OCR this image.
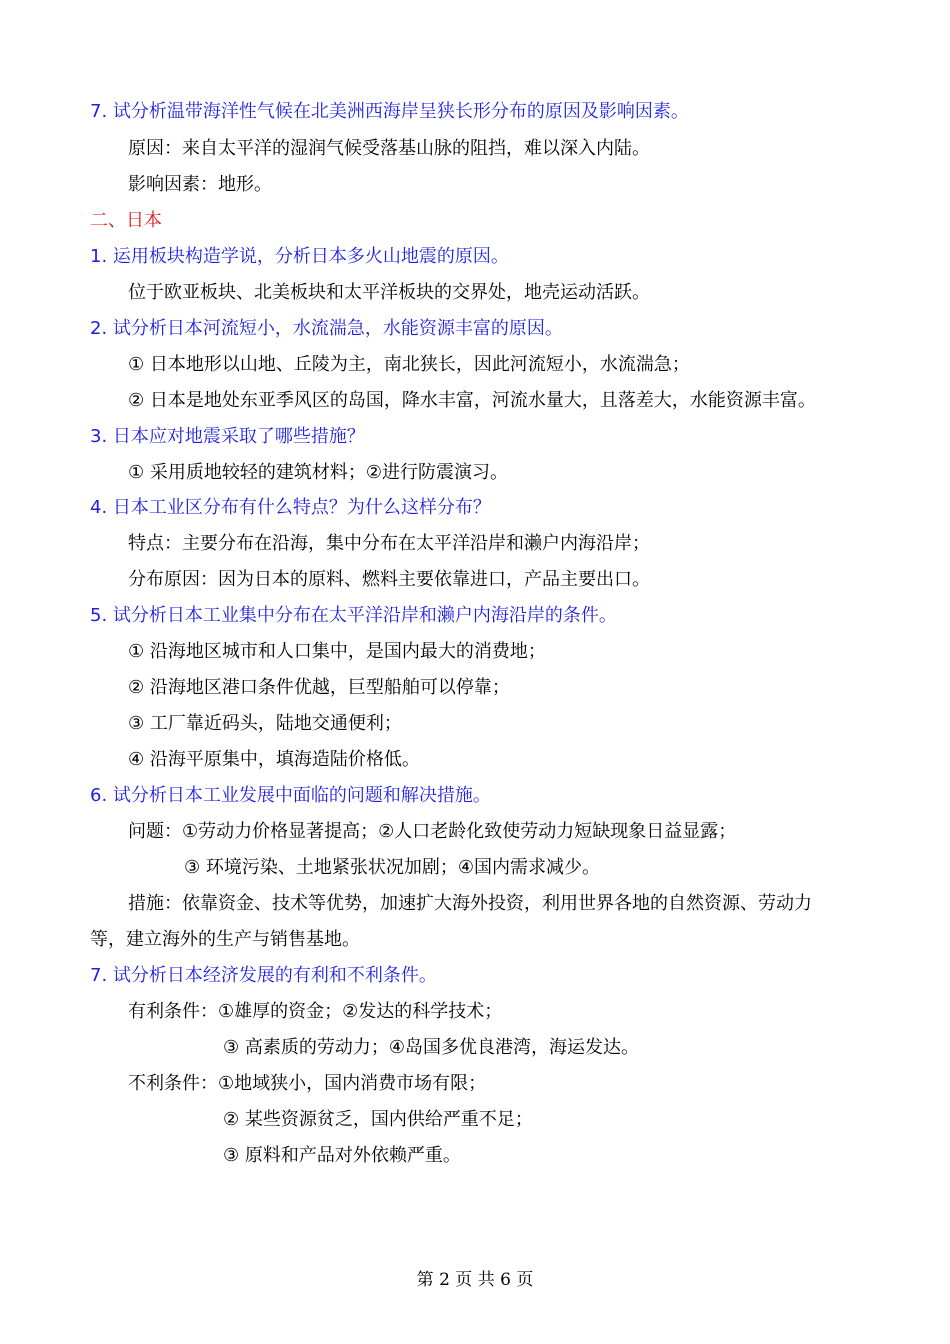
7. 试分析温带海洋性气候在北美洲西海岸呈狭长形分布的原因及影响因素。
原因：来自太平洋的湿润气候受落基山脉的阻挡，难以深入内陆。
影响因素：地形。
二、日本
1. 运用板块构造学说，分析日本多火山地震的原因。
位于欧亚板块、北美板块和太平洋板块的交界处，地壳运动活跃。
2. 试分析日本河流短小，水流湍急，水能资源丰富的原因。
① 日本地形以山地、丘陵为主，南北狭长，因此河流短小，水流湍急；
② 日本是地处东亚季风区的岛国，降水丰富，河流水量大，且落差大，水能资源丰富。
3. 日本应对地震采取了哪些措施？
① 采用质地较轻的建筑材料；②进行防震演习。
4. 日本工业区分布有什么特点？为什么这样分布？
特点：主要分布在沿海，集中分布在太平洋沿岸和濑户内海沿岸；
分布原因：因为日本的原料、燃料主要依靠进口，产品主要出口。
5. 试分析日本工业集中分布在太平洋沿岸和濑户内海沿岸的条件。
① 沿海地区城市和人口集中，是国内最大的消费地；
② 沿海地区港口条件优越，巨型船舶可以停靠；
③ 工厂靠近码头，陆地交通便利；
④ 沿海平原集中，填海造陆价格低。
6. 试分析日本工业发展中面临的问题和解决措施。
问题：①劳动力价格显著提高；②人口老龄化致使劳动力短缺现象日益显露；
③ 环境污染、土地紧张状况加剧；④国内需求减少。
措施：依靠资金、技术等优势，加速扩大海外投资，利用世界各地的自然资源、劳动力
等，建立海外的生产与销售基地。
7. 试分析日本经济发展的有利和不利条件。
有利条件：①雄厚的资金；②发达的科学技术；
③ 高素质的劳动力；④岛国多优良港湾，海运发达。
不利条件：①地域狭小，国内消费市场有限；
② 某些资源贫乏，国内供给严重不足；
③ 原料和产品对外依赖严重。
第 2 页 共 6 页
